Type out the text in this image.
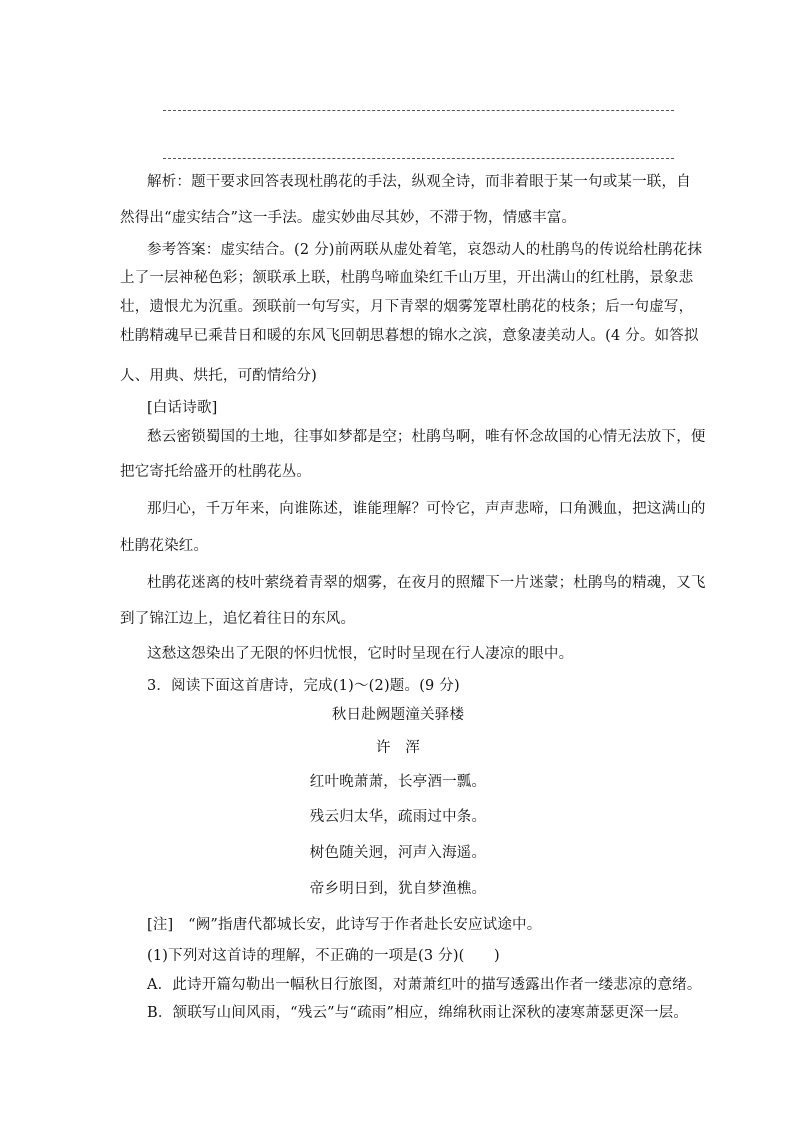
解析：题干要求回答表现杜鹃花的手法，纵观全诗，而非着眼于某一句或某一联，自
然得出“虚实结合”这一手法。虚实妙曲尽其妙，不滞于物，情感丰富。
参考答案：虚实结合。(2 分)前两联从虚处着笔，哀怨动人的杜鹃鸟的传说给杜鹃花抹
上了一层神秘色彩；颔联承上联，杜鹃鸟啼血染红千山万里，开出满山的红杜鹃，景象悲
壮，遗恨尤为沉重。颈联前一句写实，月下青翠的烟雾笼罩杜鹃花的枝条；后一句虚写，
杜鹃精魂早已乘昔日和暖的东风飞回朝思暮想的锦水之滨，意象凄美动人。(4 分。如答拟
人、用典、烘托，可酌情给分)
[白话诗歌]
愁云密锁蜀国的土地，往事如梦都是空；杜鹃鸟啊，唯有怀念故国的心情无法放下，便
把它寄托给盛开的杜鹃花丛。
那归心，千万年来，向谁陈述，谁能理解？可怜它，声声悲啼，口角溅血，把这满山的
杜鹃花染红。
杜鹃花迷离的枝叶萦绕着青翠的烟雾，在夜月的照耀下一片迷蒙；杜鹃鸟的精魂，又飞
到了锦江边上，追忆着往日的东风。
这愁这怨染出了无限的怀归忧恨，它时时呈现在行人凄凉的眼中。
3．阅读下面这首唐诗，完成(1)～(2)题。(9 分)
秋日赴阙题潼关驿楼
许　浑
红叶晚萧萧，长亭酒一瓢。
残云归太华，疏雨过中条。
树色随关迥，河声入海遥。
帝乡明日到，犹自梦渔樵。
[注]　“阙”指唐代都城长安，此诗写于作者赴长安应试途中。
(1)下列对这首诗的理解，不正确的一项是(3 分)(　　)
A．此诗开篇勾勒出一幅秋日行旅图，对萧萧红叶的描写透露出作者一缕悲凉的意绪。
B．颔联写山间风雨，“残云”与“疏雨”相应，绵绵秋雨让深秋的凄寒萧瑟更深一层。
